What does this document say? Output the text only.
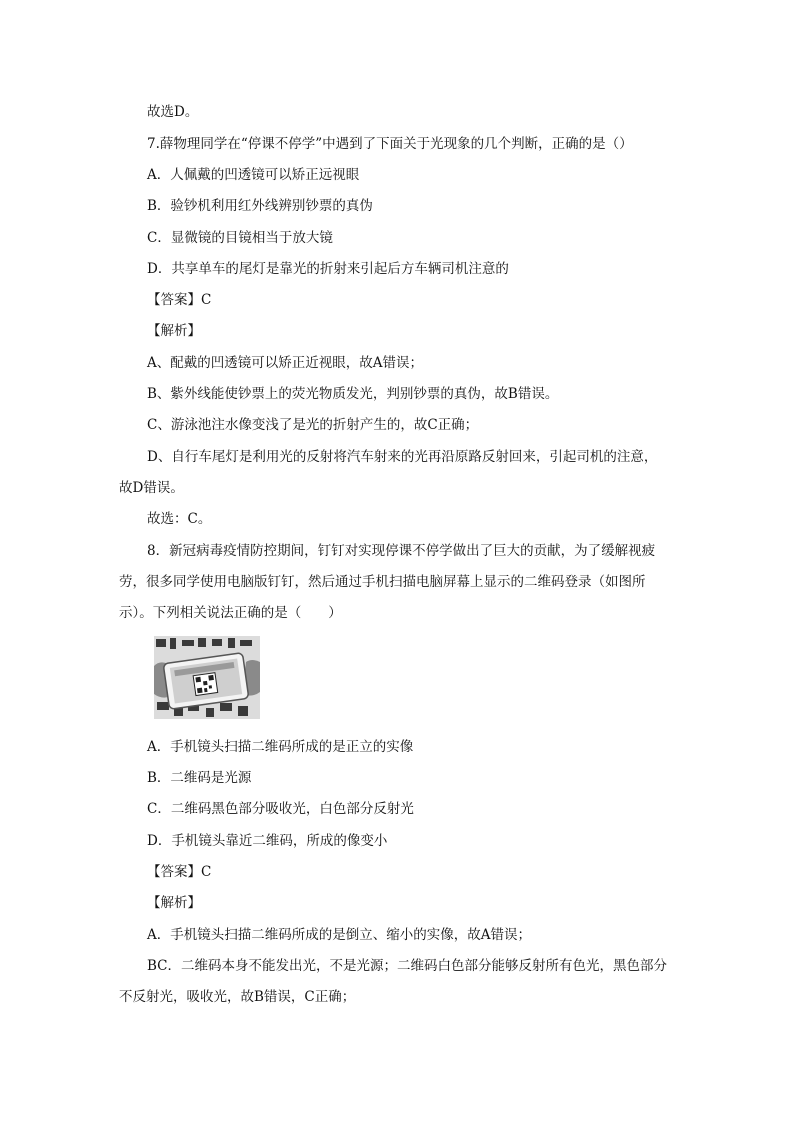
故选D。
7.薛物理同学在“停课不停学”中遇到了下面关于光现象的几个判断，正确的是（）
A．人佩戴的凹透镜可以矫正远视眼
B．验钞机利用红外线辨别钞票的真伪
C．显微镜的目镜相当于放大镜
D．共享单车的尾灯是靠光的折射来引起后方车辆司机注意的
【答案】C
【解析】
A、配戴的凹透镜可以矫正近视眼，故A错误；
B、紫外线能使钞票上的荧光物质发光，判别钞票的真伪，故B错误。
C、游泳池注水像变浅了是光的折射产生的，故C正确；
D、自行车尾灯是利用光的反射将汽车射来的光再沿原路反射回来，引起司机的注意，
故D错误。
故选：C。
8．新冠病毒疫情防控期间，钉钉对实现停课不停学做出了巨大的贡献，为了缓解视疲
劳，很多同学使用电脑版钉钉，然后通过手机扫描电脑屏幕上显示的二维码登录（如图所
示）。下列相关说法正确的是（　　）
A．手机镜头扫描二维码所成的是正立的实像
B．二维码是光源
C．二维码黑色部分吸收光，白色部分反射光
D．手机镜头靠近二维码，所成的像变小
【答案】C
【解析】
A．手机镜头扫描二维码所成的是倒立、缩小的实像，故A错误；
BC．二维码本身不能发出光，不是光源；二维码白色部分能够反射所有色光，黑色部分
不反射光，吸收光，故B错误，C正确；
